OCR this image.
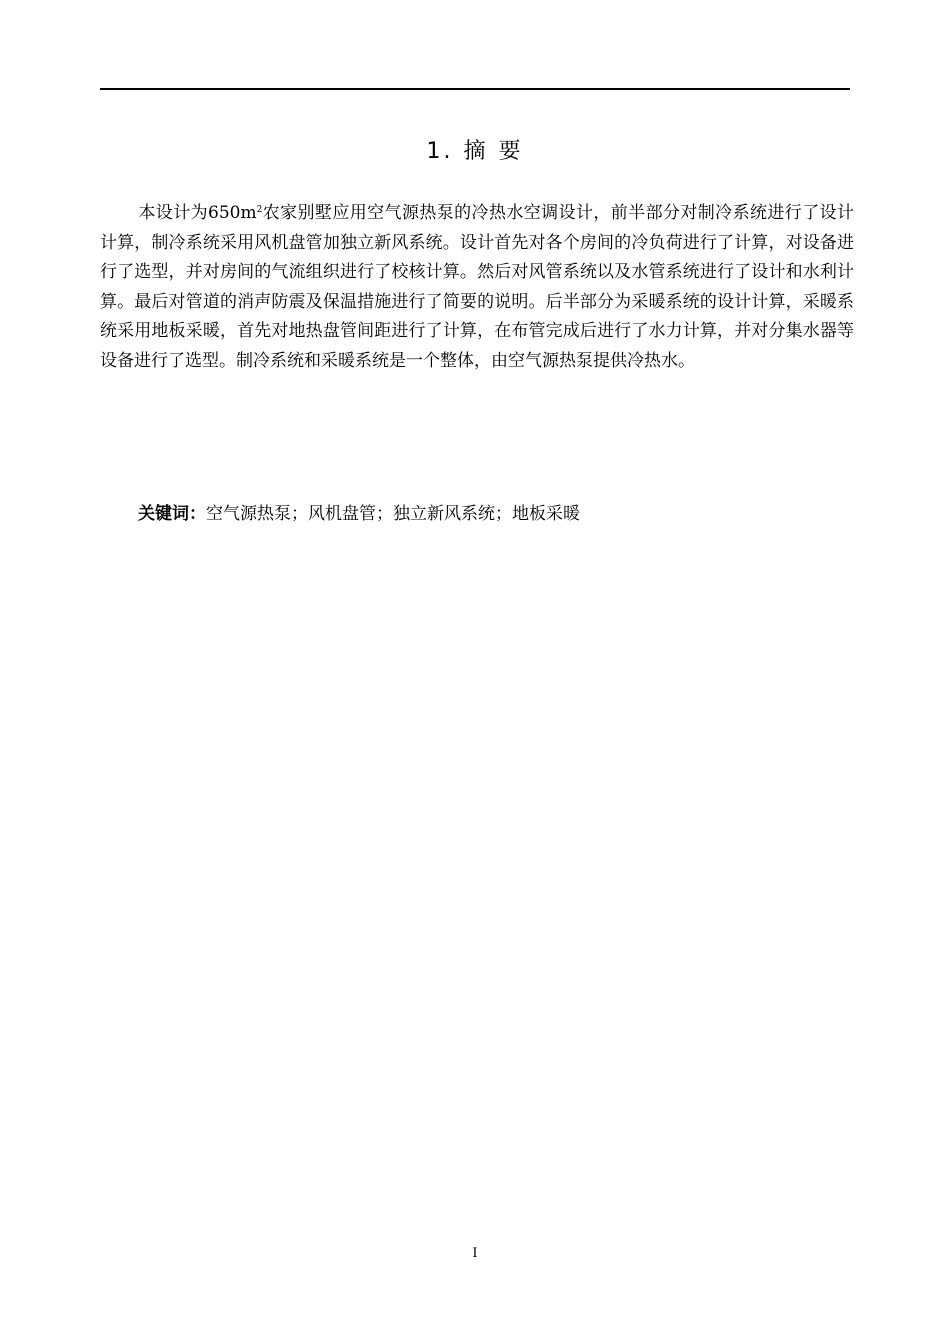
1. 摘 要

本设计为$650m^2$农家别墅应用空气源热泵的冷热水空调设计，前半部分对制冷系统进行了设计计算，制冷系统采用风机盘管加独立新风系统。设计首先对各个房间的冷负荷进行了计算，对设备进行了选型，并对房间的气流组织进行了校核计算。然后对风管系统以及水管系统进行了设计和水利计算。最后对管道的消声防震及保温措施进行了简要的说明。后半部分为采暖系统的设计计算，采暖系统采用地板采暖，首先对地热盘管间距进行了计算，在布管完成后进行了水力计算，并对分集水器等设备进行了选型。制冷系统和采暖系统是一个整体，由空气源热泵提供冷热水。

关键词：空气源热泵；风机盘管；独立新风系统；地板采暖
I
